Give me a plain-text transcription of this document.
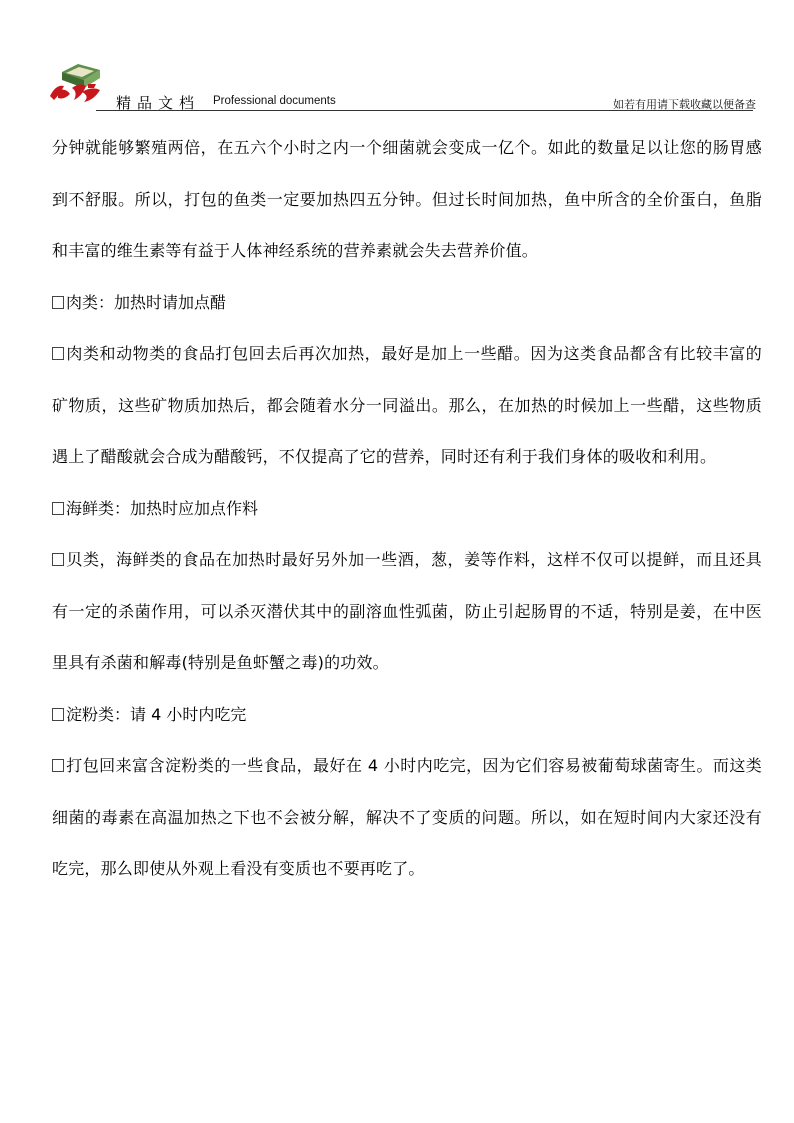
精品文档 Professional documents	如若有用请下载收藏以便备查

分钟就能够繁殖两倍，在五六个小时之内一个细菌就会变成一亿个。如此的数量足以让您的肠胃感到不舒服。所以，打包的鱼类一定要加热四五分钟。但过长时间加热，鱼中所含的全价蛋白，鱼脂和丰富的维生素等有益于人体神经系统的营养素就会失去营养价值。

肉类：加热时请加点醋

肉类和动物类的食品打包回去后再次加热，最好是加上一些醋。因为这类食品都含有比较丰富的矿物质，这些矿物质加热后，都会随着水分一同溢出。那么，在加热的时候加上一些醋，这些物质遇上了醋酸就会合成为醋酸钙，不仅提高了它的营养，同时还有利于我们身体的吸收和利用。

海鲜类：加热时应加点作料

贝类，海鲜类的食品在加热时最好另外加一些酒，葱，姜等作料，这样不仅可以提鲜，而且还具有一定的杀菌作用，可以杀灭潜伏其中的副溶血性弧菌，防止引起肠胃的不适，特别是姜，在中医里具有杀菌和解毒(特别是鱼虾蟹之毒)的功效。

淀粉类：请 4 小时内吃完

打包回来富含淀粉类的一些食品，最好在 4 小时内吃完，因为它们容易被葡萄球菌寄生。而这类细菌的毒素在高温加热之下也不会被分解，解决不了变质的问题。所以，如在短时间内大家还没有吃完，那么即使从外观上看没有变质也不要再吃了。
